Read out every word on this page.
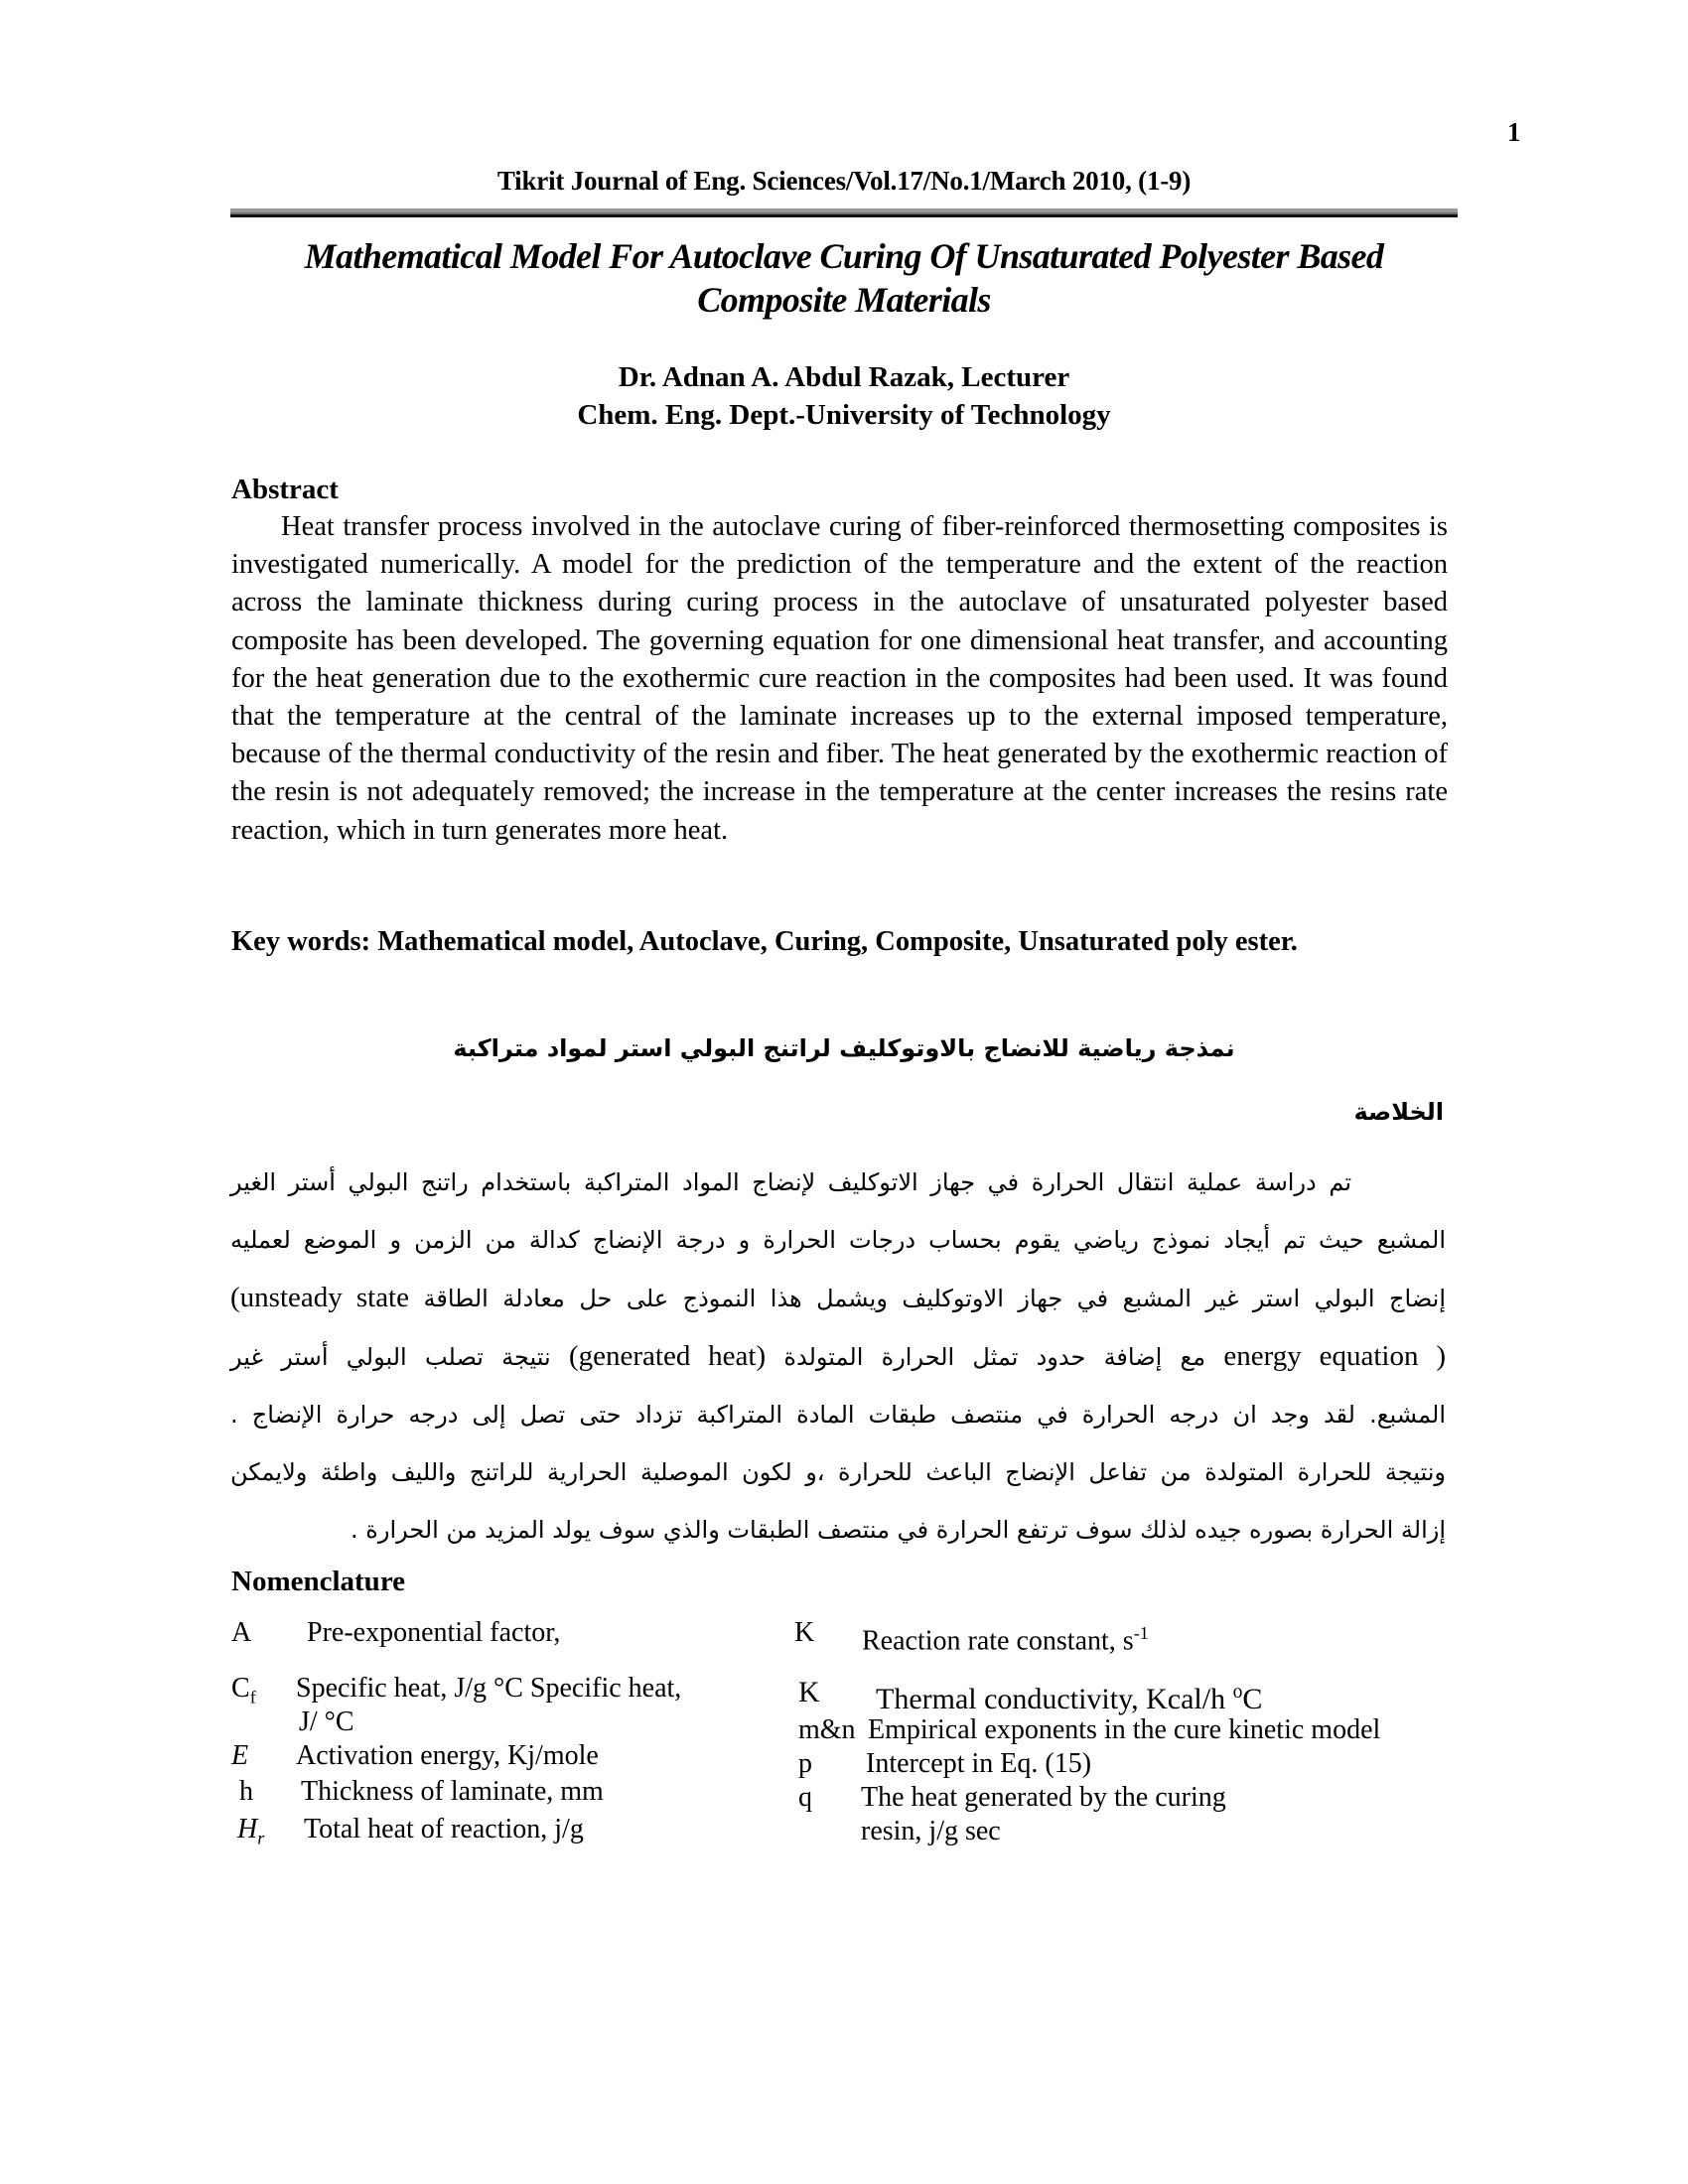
1
Tikrit Journal of Eng. Sciences/Vol.17/No.1/March 2010, (1-9)
Mathematical Model For Autoclave Curing Of Unsaturated Polyester Based
Composite Materials
Dr. Adnan A. Abdul Razak, Lecturer
Chem. Eng. Dept.-University of Technology
Abstract
Heat transfer process involved in the autoclave curing of fiber-reinforced thermosetting composites is investigated numerically. A model for the prediction of the temperature and the extent of the reaction across the laminate thickness during curing process in the autoclave of unsaturated polyester based composite has been developed. The governing equation for one dimensional heat transfer, and accounting for the heat generation due to the exothermic cure reaction in the composites had been used. It was found that the temperature at the central of the laminate increases up to the external imposed temperature, because of the thermal conductivity of the resin and fiber. The heat generated by the exothermic reaction of the resin is not adequately removed; the increase in the temperature at the center increases the resins rate reaction, which in turn generates more heat.
Key words: Mathematical model, Autoclave, Curing, Composite, Unsaturated poly ester.
نمذجة رياضية للانضاج بالاوتوكليف لراتنج البولي استر لمواد متراكبة
الخلاصة
تم دراسة عملية انتقال الحرارة في جهاز الاتوكليف لإنضاج المواد المتراكبة باستخدام راتنج البولي أستر الغير
المشبع حيث تم أيجاد نموذج رياضي يقوم بحساب درجات الحرارة و درجة الإنضاج كدالة من الزمن و الموضع لعمليه
إنضاج البولي استر غير المشبع في جهاز الاوتوكليف ويشمل هذا النموذج على حل معادلة الطاقة (unsteady state
energy equation ) مع إضافة حدود تمثل الحرارة المتولدة (generated heat) نتيجة تصلب البولي أستر غير
المشبع. لقد وجد ان درجه الحرارة في منتصف طبقات المادة المتراكبة تزداد حتى تصل إلى درجه حرارة الإنضاج .
ونتيجة للحرارة المتولدة من تفاعل الإنضاج الباعث للحرارة ،و لكون الموصلية الحرارية للراتنج والليف واطئة ولايمكن
إزالة الحرارة بصوره جيده لذلك سوف ترتفع الحرارة في منتصف الطبقات والذي سوف يولد المزيد من الحرارة .
Nomenclature
A Pre-exponential factor,
$C_f$ Specific heat, J/g °C Specific heat,
J/ °C
E Activation energy, Kj/mole
h Thickness of laminate, mm
$H_r$ Total heat of reaction, j/g
K Reaction rate constant, $s^{-1}$
K Thermal conductivity, Kcal/h $^o$C
m&n Empirical exponents in the cure kinetic model
p Intercept in Eq. (15)
q The heat generated by the curing
resin, j/g sec
